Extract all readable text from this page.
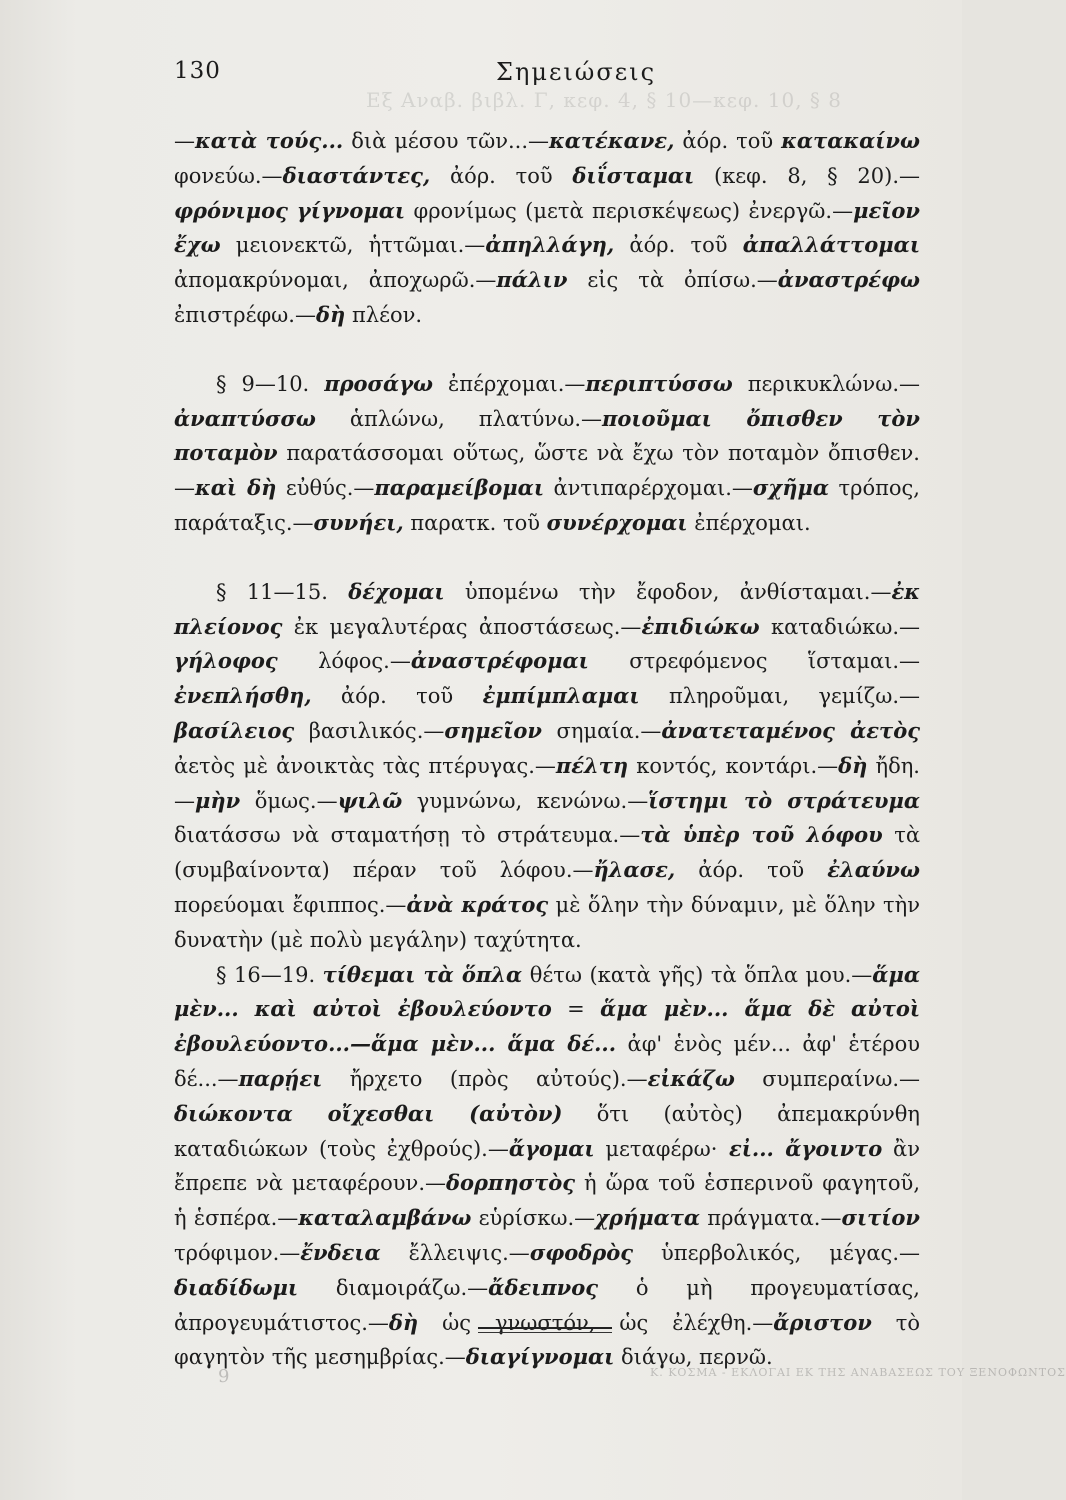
Εξ Αναβ. βιβλ. Γ, κεφ. 4, § 10—κεφ. 10, § 8
130	Σημειώσεις

—κατὰ τούς... διὰ μέσου τῶν...—κατέκανε, ἀόρ. τοῦ κατακαίνω φονεύω.—διαστάντες, ἀόρ. τοῦ διΐσταμαι (κεφ. 8, § 20).—φρόνιμος γίγνομαι φρονίμως (μετὰ περισκέψεως) ἐνεργῶ.—μεῖον ἔχω μειονεκτῶ, ἡττῶμαι.—ἀπηλλάγη, ἀόρ. τοῦ ἀπαλλάττομαι ἀπομακρύνομαι, ἀποχωρῶ.—πάλιν εἰς τὰ ὀπίσω.—ἀναστρέφω ἐπιστρέφω.—δὴ πλέον.

§ 9—10. προσάγω ἐπέρχομαι.—περιπτύσσω περικυκλώνω.—ἀναπτύσσω ἁπλώνω, πλατύνω.—ποιοῦμαι ὄπισθεν τὸν ποταμὸν παρατάσσομαι οὕτως, ὥστε νὰ ἔχω τὸν ποταμὸν ὄπισθεν.—καὶ δὴ εὐθύς.—παραμείβομαι ἀντιπαρέρχομαι.—σχῆμα τρόπος, παράταξις.—συνήει, παρατκ. τοῦ συνέρχομαι ἐπέρχομαι.

§ 11—15. δέχομαι ὑπομένω τὴν ἔφοδον, ἀνθίσταμαι.—ἐκ πλείονος ἐκ μεγαλυτέρας ἀποστάσεως.—ἐπιδιώκω καταδιώκω.—γήλοφος λόφος.—ἀναστρέφομαι στρεφόμενος ἵσταμαι.—ἐνεπλήσθη, ἀόρ. τοῦ ἐμπίμπλαμαι πληροῦμαι, γεμίζω.—βασίλειος βασιλικός.—σημεῖον σημαία.—ἀνατεταμένος ἀετὸς ἀετὸς μὲ ἀνοικτὰς τὰς πτέρυγας.—πέλτη κοντός, κοντάρι.—δὴ ἤδη.—μὴν ὅμως.—ψιλῶ γυμνώνω, κενώνω.—ἵστημι τὸ στράτευμα διατάσσω νὰ σταματήσῃ τὸ στράτευμα.—τὰ ὑπὲρ τοῦ λόφου τὰ (συμβαίνοντα) πέραν τοῦ λόφου.—ἤλασε, ἀόρ. τοῦ ἐλαύνω πορεύομαι ἔφιππος.—ἀνὰ κράτος μὲ ὅλην τὴν δύναμιν, μὲ ὅλην τὴν δυνατὴν (μὲ πολὺ μεγάλην) ταχύτητα.

§ 16—19. τίθεμαι τὰ ὅπλα θέτω (κατὰ γῆς) τὰ ὅπλα μου.—ἅμα μὲν... καὶ αὐτοὶ ἐβουλεύοντο = ἅμα μὲν... ἅμα δὲ αὐτοὶ ἐβουλεύοντο...—ἅμα μὲν... ἅμα δέ... ἀφ' ἑνὸς μέν... ἀφ' ἑτέρου δέ...—παρῄει ἤρχετο (πρὸς αὐτούς).—εἰκάζω συμπεραίνω.—διώκοντα οἴχεσθαι (αὐτὸν) ὅτι (αὐτὸς) ἀπεμακρύνθη καταδιώκων (τοὺς ἐχθρούς).—ἄγομαι μεταφέρω· εἰ... ἄγοιντο ἂν ἔπρεπε νὰ μεταφέρουν.—δορπηστὸς ἡ ὥρα τοῦ ἑσπερινοῦ φαγητοῦ, ἡ ἑσπέρα.—καταλαμβάνω εὑρίσκω.—χρήματα πράγματα.—σιτίον τρόφιμον.—ἔνδεια ἔλλειψις.—σφοδρὸς ὑπερβολικός, μέγας.—διαδίδωμι διαμοιράζω.—ἄδειπνος ὁ μὴ προγευματίσας, ἀπρογευμάτιστος.—δὴ ὡς γνωστόν, ὡς ἐλέχθη.—ἄριστον τὸ φαγητὸν τῆς μεσημβρίας.—διαγίγνομαι διάγω, περνῶ.

9	Κ. ΚΟΣΜΑ - ΕΚΛΟΓΑΙ ΕΚ ΤΗΣ ΑΝΑΒΑΣΕΩΣ ΤΟΥ ΞΕΝΟΦΩΝΤΟΣ
